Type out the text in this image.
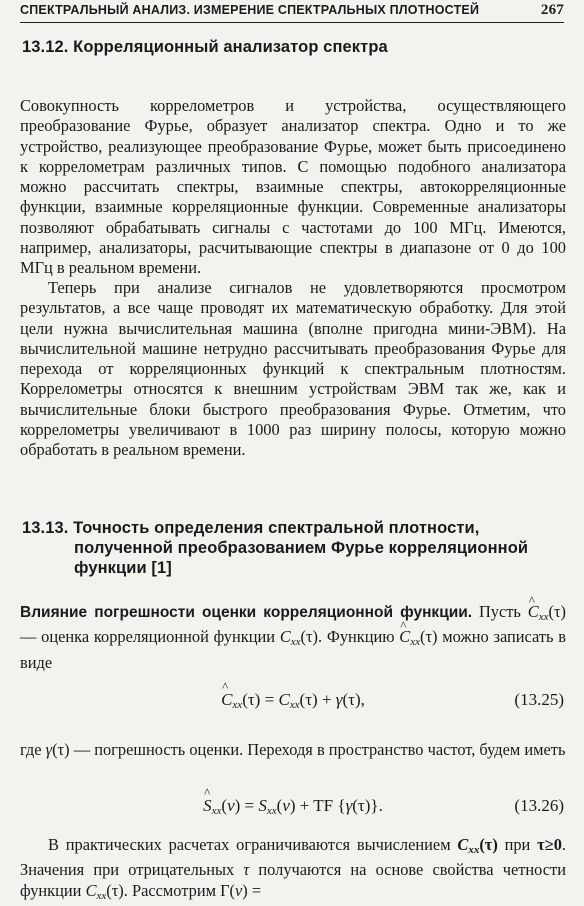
СПЕКТРАЛЬНЫЙ АНАЛИЗ. ИЗМЕРЕНИЕ СПЕКТРАЛЬНЫХ ПЛОТНОСТЕЙ	267
13.12. Корреляционный анализатор спектра

Совокупность коррелометров и устройства, осуществляющего преобразование Фурье, образует анализатор спектра. Одно и то же устройство, реализующее преобразование Фурье, может быть присоединено к коррелометрам различных типов. С помощью подобного анализатора можно рассчитать спектры, взаимные спектры, автокорреляционные функции, взаимные корреляционные функции. Современные анализаторы позволяют обрабатывать сигналы с частотами до 100 МГц. Имеются, например, анализаторы, расчитывающие спектры в диапазоне от 0 до 100 МГц в реальном времени.

Теперь при анализе сигналов не удовлетворяются просмотром результатов, а все чаще проводят их математическую обработку. Для этой цели нужна вычислительная машина (вполне пригодна мини-ЭВМ). На вычислительной машине нетрудно рассчитывать преобразования Фурье для перехода от корреляционных функций к спектральным плотностям. Коррелометры относятся к внешним устройствам ЭВМ так же, как и вычислительные блоки быстрого преобразования Фурье. Отметим, что коррелометры увеличивают в 1000 раз ширину полосы, которую можно обработать в реальном времени.

13.13. Точность определения спектральной плотности,
полученной преобразованием Фурье корреляционной
функции [1]

Влияние погрешности оценки корреляционной функции. Пусть ^ $C_{xx}(\tau)$ — оценка корреляционной функции $C_{xx}(\tau)$. Функцию ^ $C_{xx}(\tau)$ можно записать в виде

^ $C_{xx}(\tau) = C_{xx}(\tau) + \gamma(\tau)$,	(13.25)

где γ(τ) — погрешность оценки. Переходя в пространство частот, будем иметь

^ $S_{xx}(\nu) = S_{xx}(\nu)$ + TF {γ(τ)}.	(13.26)

В практических расчетах ограничиваются вычислением $C_{xx}(\tau)$ при τ≥0. Значения при отрицательных τ получаются на основе свойства четности функции $C_{xx}(\tau)$. Рассмотрим Γ(ν) =
